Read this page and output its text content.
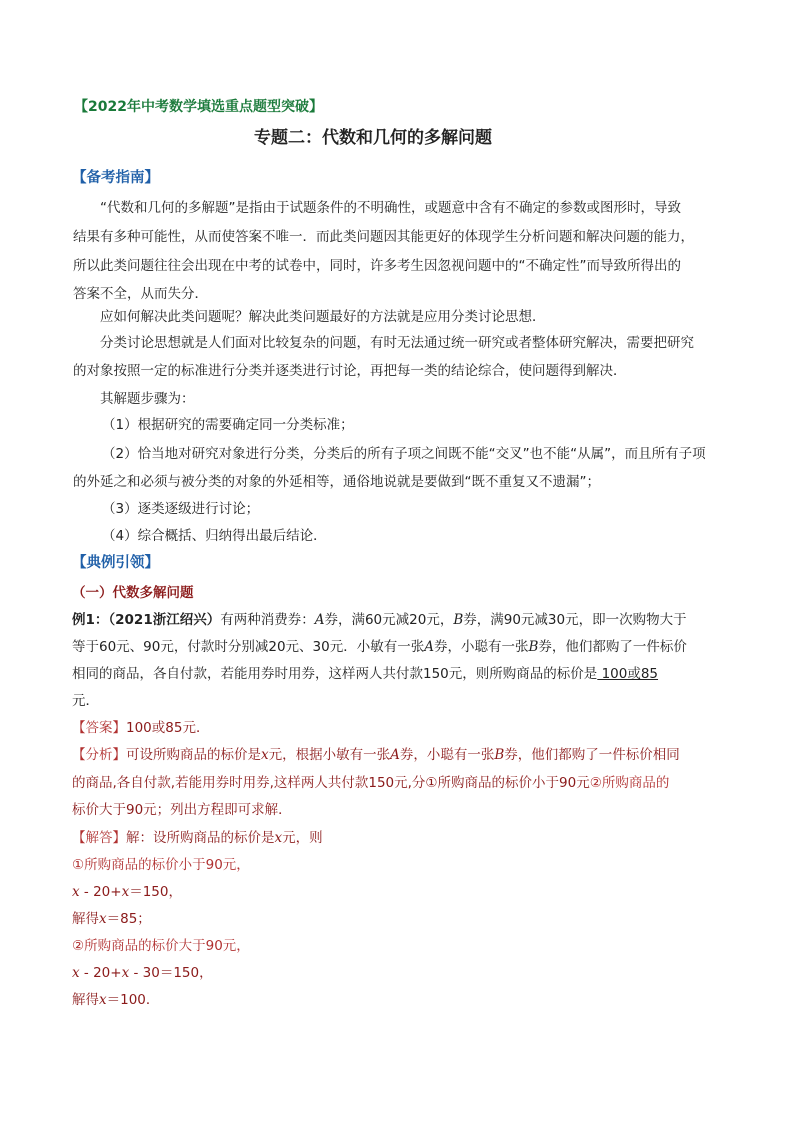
【2022年中考数学填选重点题型突破】
专题二：代数和几何的多解问题
【备考指南】
“代数和几何的多解题”是指由于试题条件的不明确性，或题意中含有不确定的参数或图形时，导致
结果有多种可能性，从而使答案不唯一．而此类问题因其能更好的体现学生分析问题和解决问题的能力，
所以此类问题往往会出现在中考的试卷中，同时，许多考生因忽视问题中的“不确定性”而导致所得出的
答案不全，从而失分．
应如何解决此类问题呢？解决此类问题最好的方法就是应用分类讨论思想．
分类讨论思想就是人们面对比较复杂的问题，有时无法通过统一研究或者整体研究解决，需要把研究
的对象按照一定的标准进行分类并逐类进行讨论，再把每一类的结论综合，使问题得到解决．
其解题步骤为：
（1）根据研究的需要确定同一分类标准；
（2）恰当地对研究对象进行分类，分类后的所有子项之间既不能“交叉”也不能“从属”，而且所有子项
的外延之和必须与被分类的对象的外延相等，通俗地说就是要做到“既不重复又不遗漏”；
（3）逐类逐级进行讨论；
（4）综合概括、归纳得出最后结论．
【典例引领】
（一）代数多解问题
例1：（2021浙江绍兴）有两种消费券：A券，满60元减20元，B券，满90元减30元，即一次购物大于
等于60元、90元，付款时分别减20元、30元．小敏有一张A券，小聪有一张B券，他们都购了一件标价
相同的商品，各自付款，若能用券时用券，这样两人共付款150元，则所购商品的标价是 100或85
元．
【答案】100或85元．
【分析】可设所购商品的标价是x元，根据小敏有一张A券，小聪有一张B券，他们都购了一件标价相同
的商品,各自付款,若能用券时用券,这样两人共付款150元,分①所购商品的标价小于90元②所购商品的
标价大于90元；列出方程即可求解．
【解答】解：设所购商品的标价是x元，则
①所购商品的标价小于90元，
x - 20+x＝150，
解得x＝85；
②所购商品的标价大于90元，
x - 20+x - 30＝150，
解得x＝100．
